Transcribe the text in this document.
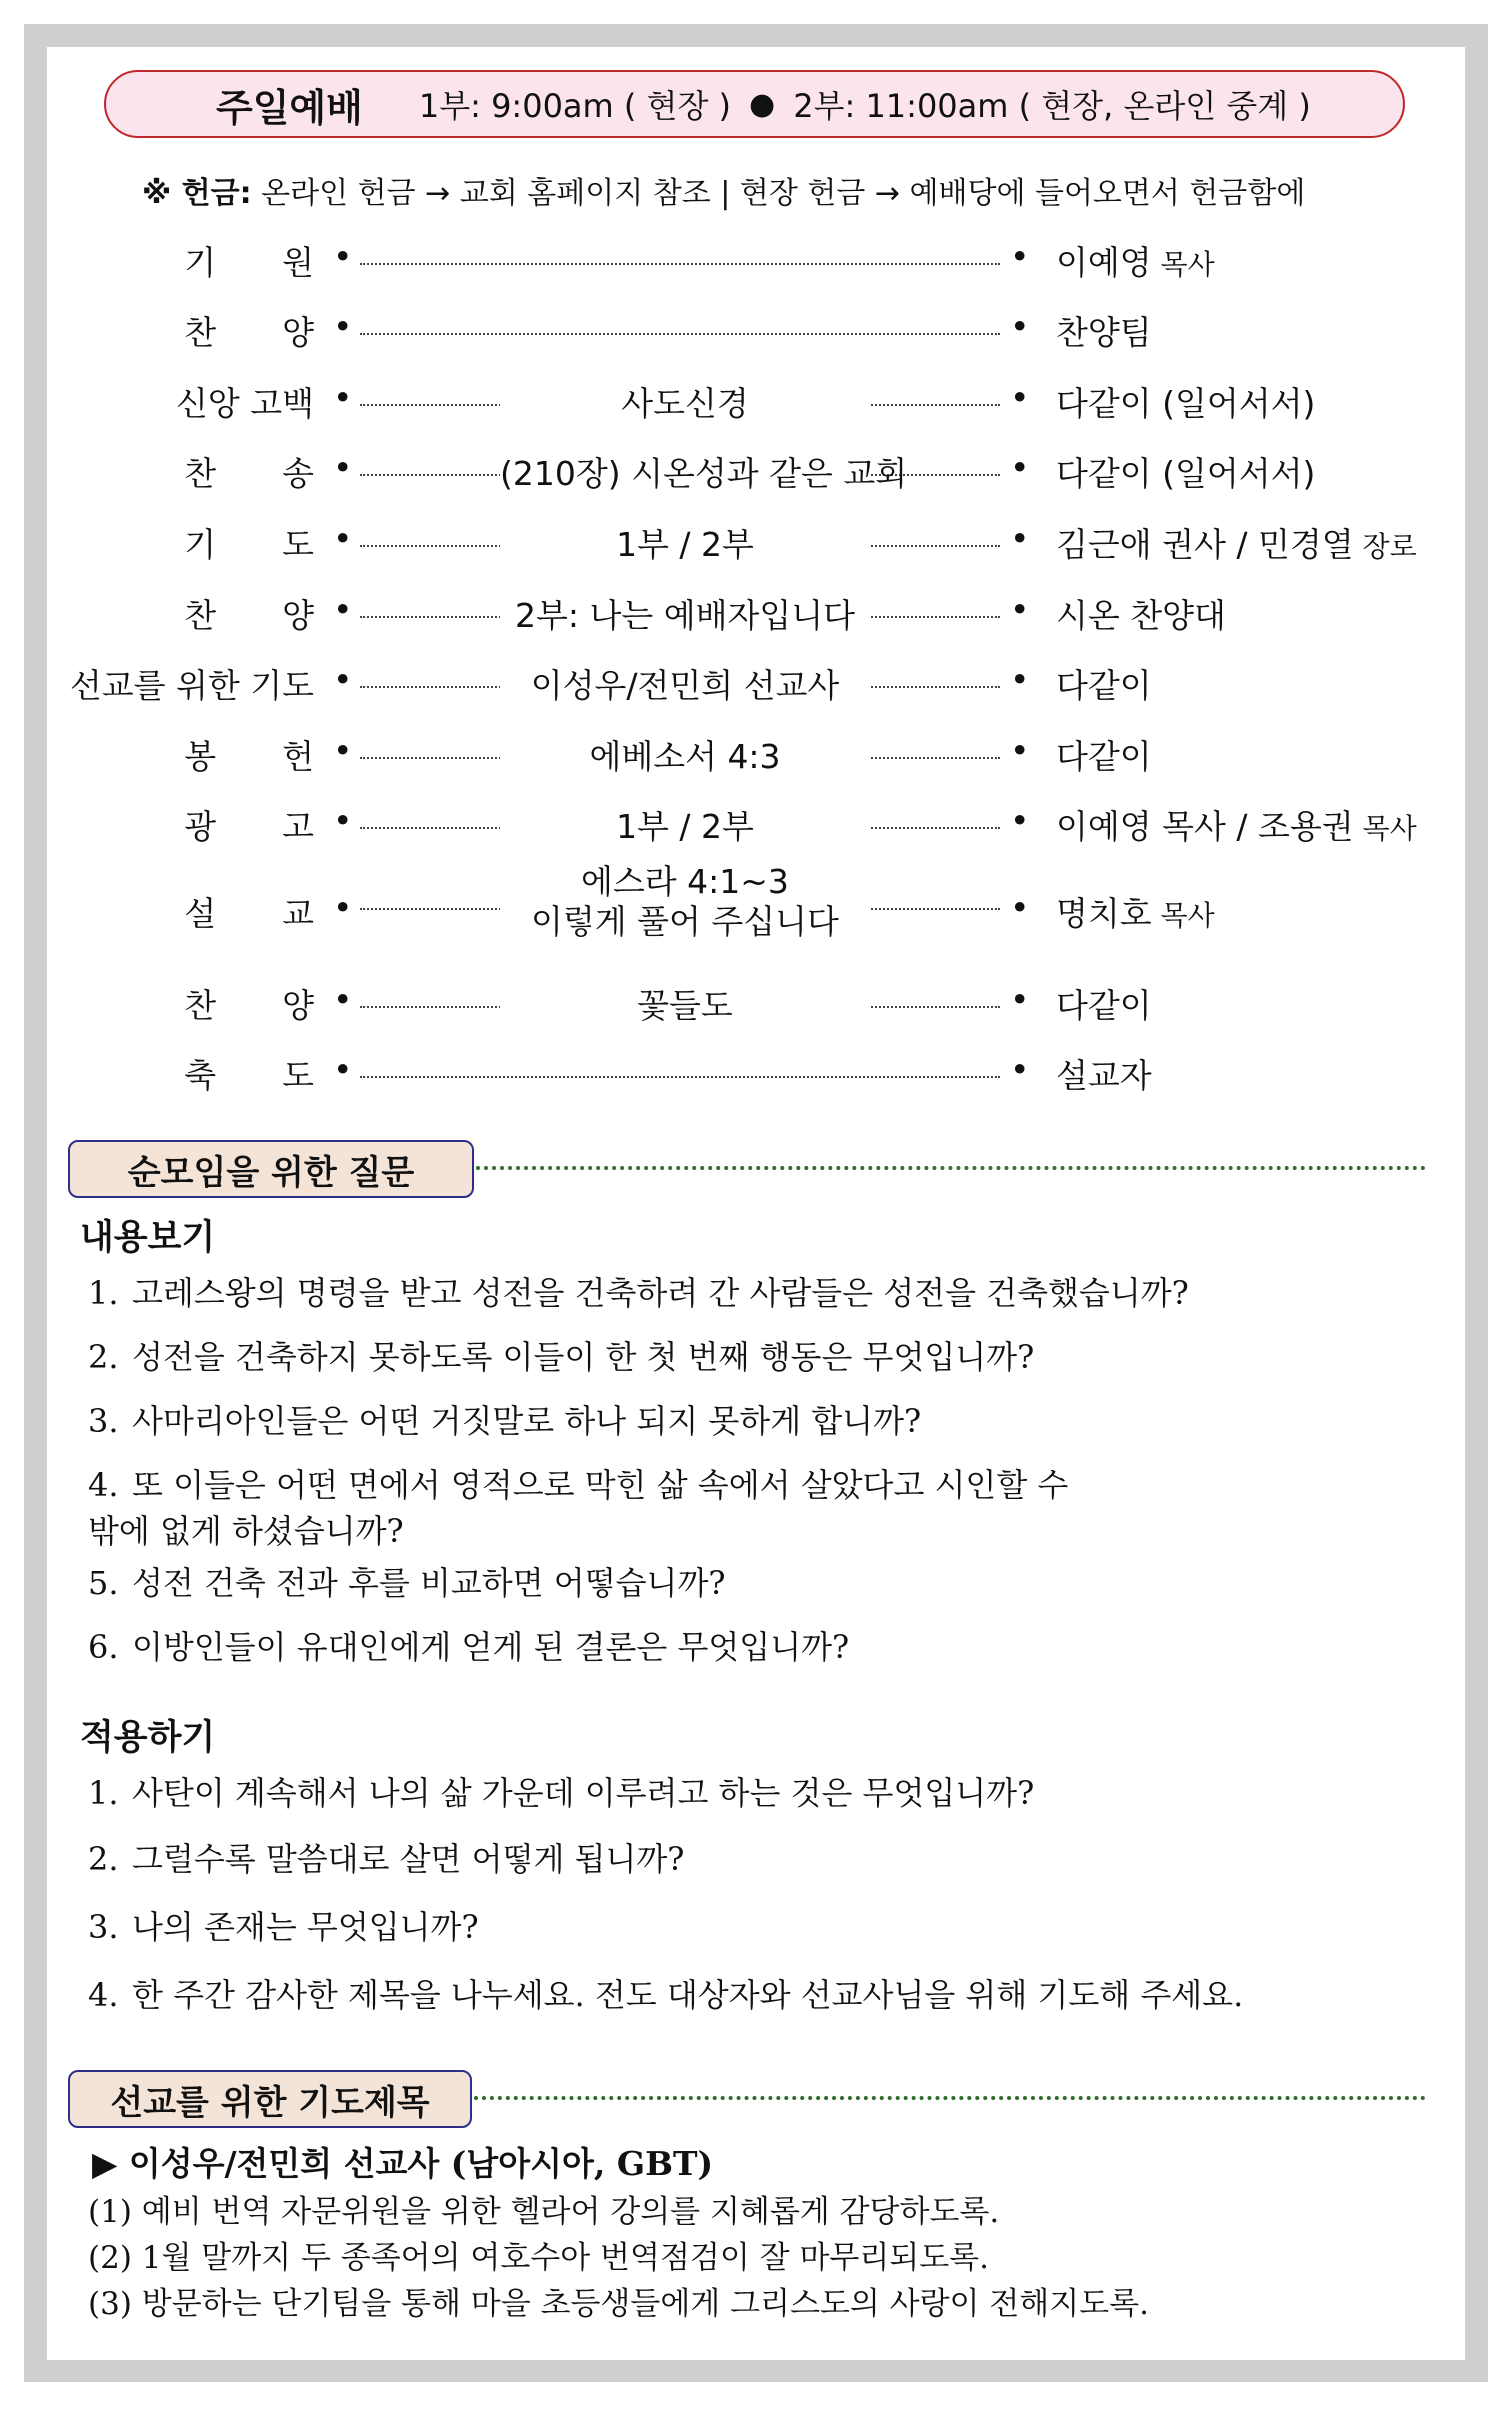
주일예배 1부: 9:00am ( 현장 ) ● 2부: 11:00am ( 현장, 온라인 중계 )
※ 헌금: 온라인 헌금 → 교회 홈페이지 참조 | 현장 헌금 → 예배당에 들어오면서 헌금함에
기　　원 •	• 이예영 목사
찬　　양 •	• 찬양팀
신앙 고백 •	사도신경	• 다같이 (일어서서)
찬　　송 •	(210장) 시온성과 같은 교회	• 다같이 (일어서서)
기　　도 •	1부 / 2부	• 김근애 권사 / 민경열 장로
찬　　양 •	2부: 나는 예배자입니다	• 시온 찬양대
선교를 위한 기도 •	이성우/전민희 선교사	• 다같이
봉　　헌 •	에베소서 4:3	• 다같이
광　　고 •	1부 / 2부	• 이예영 목사 / 조용권 목사
설　　교 •
에스라 4:1~3
이렇게 풀어 주십니다	• 명치호 목사
찬　　양 •	꽃들도	• 다같이
축　　도 •	• 설교자
순모임을 위한 질문
내용보기
1. 고레스왕의 명령을 받고 성전을 건축하려 간 사람들은 성전을 건축했습니까?
2. 성전을 건축하지 못하도록 이들이 한 첫 번째 행동은 무엇입니까?
3. 사마리아인들은 어떤 거짓말로 하나 되지 못하게 합니까?
4. 또 이들은 어떤 면에서 영적으로 막힌 삶 속에서 살았다고 시인할 수밖에 없게 하셨습니까?
5. 성전 건축 전과 후를 비교하면 어떻습니까?
6. 이방인들이 유대인에게 얻게 된 결론은 무엇입니까?
적용하기
1. 사탄이 계속해서 나의 삶 가운데 이루려고 하는 것은 무엇입니까?
2. 그럴수록 말씀대로 살면 어떻게 됩니까?
3. 나의 존재는 무엇입니까?
4. 한 주간 감사한 제목을 나누세요. 전도 대상자와 선교사님을 위해 기도해 주세요.
선교를 위한 기도제목
▶ 이성우/전민희 선교사 (남아시아, GBT)
(1) 예비 번역 자문위원을 위한 헬라어 강의를 지혜롭게 감당하도록.
(2) 1월 말까지 두 종족어의 여호수아 번역점검이 잘 마무리되도록.
(3) 방문하는 단기팀을 통해 마을 초등생들에게 그리스도의 사랑이 전해지도록.
